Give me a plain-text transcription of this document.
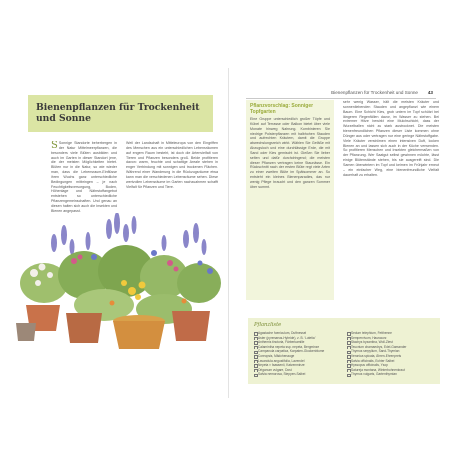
Bienenpflanzen für Trockenheit und Sonne 43
Bienenpflanzen für Trockenheit und Sonne

S Sonnige Standorte beherbergen in der Natur Mittelmeerpflanzen, die besonders viele Blüten ausbilden und auch im Garten in dieser Standort jene, die der meisten Möglichkeiten bietet. Blüten nur in die Natur, so wie wieder man, dass die Lebensraum-Einflüsse ihren Wuchs ganz unterschiedliche Bedingungen mitbringen – je nach Feuchtigkeitsversorgung, Boden, Höhenlage und Nährstoffangebot entstehen so unterschiedliche Pflanzengemeinschaften. Und genau an diesen halten sich auch die Insekten und Bienen angepasst.

Weil der Landschaft in Mitteleuropa von den Eingriffen des Menschen aus ein unterschiedlichen Lebensräumen auf engem Raum besteht, ist doch die Artenvielfalt von Tieren und Pflanzen besonders groß. Beide profitieren davon: warm, feuchte und schattige Areale stehen in enger Verbindung mit sonnigen und trockenen Flächen. Während einer Wanderung in die Rückzugsräume etwa kann man die verschiedenen Lebensräume sehen. Diese wertvollen Lebensräume im Garten nachzuahmen schafft Vielfalt für Pflanzen und Tiere.

Pflanzvorschlag: Sonniger Topfgarten
Eine Gruppe unterschiedlich großer Töpfe und Kübel auf Terrasse oder Balkon bietet über viele Monate hinweg Nahrung. Kombinieren Sie niedrige Polsterpflanzen mit halbhohen Stauden und aufrechten Kräutern, damit die Gruppe abwechslungsreich wirkt. Wählen Sie Gefäße mit Abzugsloch und eine durchlässige Erde, die mit Sand oder Kies gemischt ist. Gießen Sie lieber selten und dafür durchdringend; die meisten dieser Pflanzen vertragen keine Staunässe. Ein Rückschnitt nach der ersten Blüte regt viele Arten zu einer zweiten Blüte im Spätsommer an. So entsteht ein kleines Bienenparadies, das nur wenig Pflege braucht und den ganzen Sommer über summt.

sehr wenig Wasser, hält die meisten Kräuter und sonnenliebenden Stauden und angepflanzt wie einem Baum. Eine Schicht Kies, grob untern im Topf schützt bei längeren Regenfällen davor, im Wasser zu stehen. Bei extremer Hitze bewirkt eine Mulchschicht, dass der Wurzelballen nicht zu stark austrocknet. Die meisten bienenfreundlichen Pflanzen dieser Liste kommen ohne Dünger aus oder vertragen nur eine geringe Nährstoffgabe. Viele Kräuter verströmen einen intensiven Duft, locken Bienen an und lassen sich auch in der Küche verwenden. So profitieren Menschen und Insekten gleichermaßen von der Pflanzung. Wer Saatgut selbst gewinnen möchte, lässt einige Blütenstände stehen, bis sie ausgereift sind. Die Samen überwintern im Topf und keimen im Frühjahr erneut – ein einfacher Weg, eine bienenfreundliche Vielfalt dauerhaft zu erhalten.

Pflanzliste
Agastache foeniculum, Duftnessel
Aster (pyrenaeus-Hybride), z. B. ‘Lutetia’
Anthemis tinctoria, Färberkamille
Calamintha nepeta ssp. nepeta, Bergminze
Campanula carpatica, Karpaten-Glockenblume
Coreopsis, Mädchenauge
Lavandula angustifolia, Lavendel
Nepeta × faassenii, Katzenminze
Origanum vulgare, Dost
Salvia nemorosa, Steppen-Salbei
Sedum telephium, Fetthenne
Sempervivum, Hauswurz
Stachys byzantina, Woll-Ziest
Teucrium chamaedrys, Edel-Gamander
Thymus serpyllum, Sand-Thymian
Veronica spicata, Ähren-Ehrenpreis
Salvia officinalis, Echter Salbei
Hyssopus officinalis, Ysop
Satureja montana, Winterbohnenkraut
Thymus vulgaris, Gartenthymian
